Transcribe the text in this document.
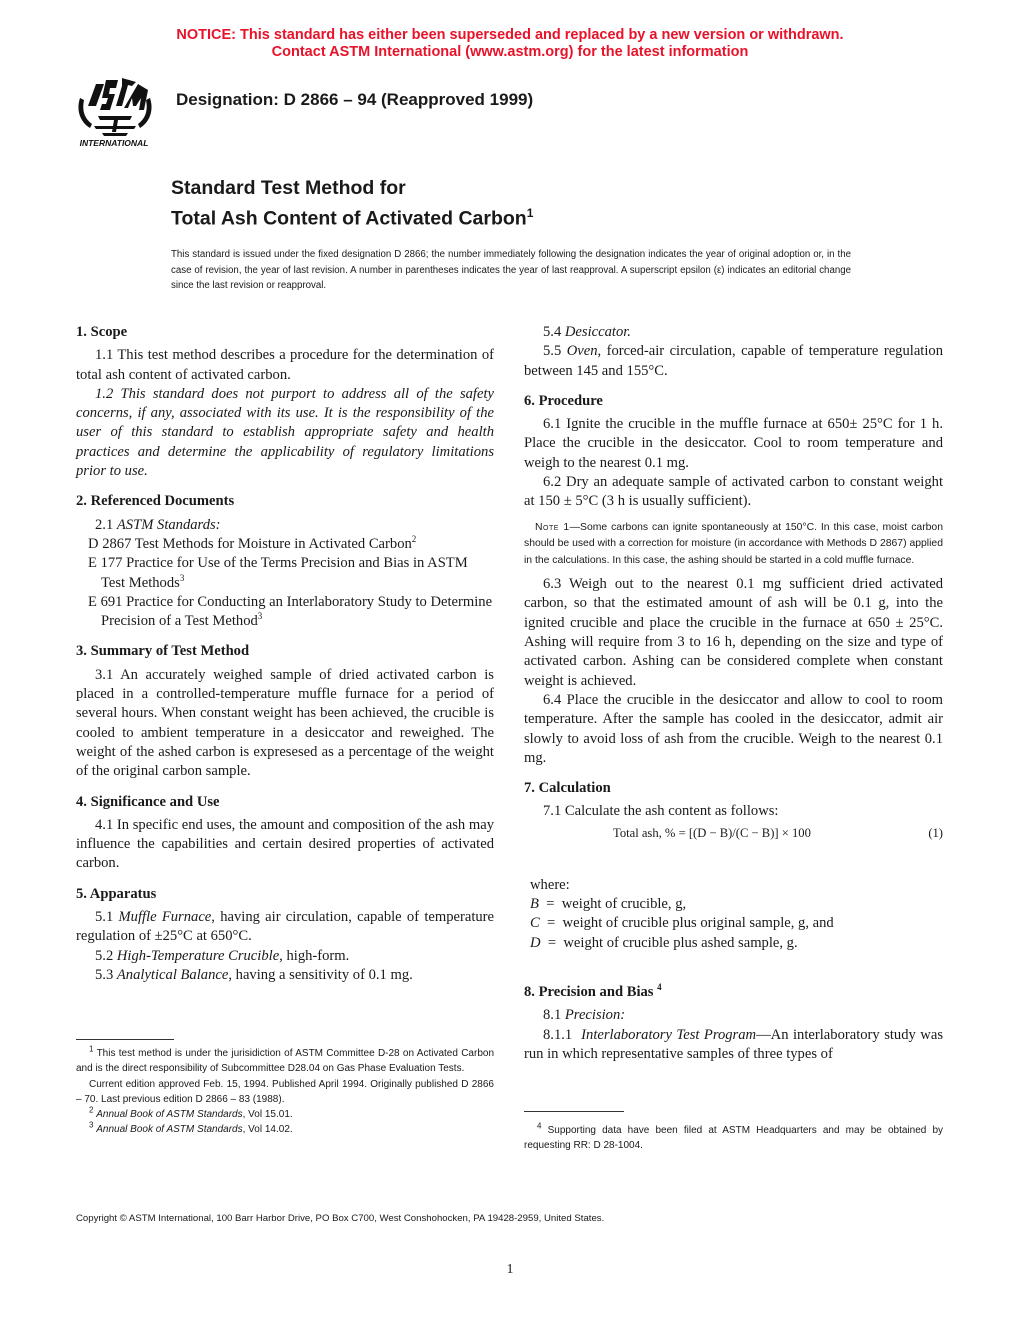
NOTICE: This standard has either been superseded and replaced by a new version or withdrawn.
Contact ASTM International (www.astm.org) for the latest information
INTERNATIONAL
Designation: D 2866 – 94 (Reapproved 1999)
Standard Test Method for
Total Ash Content of Activated Carbon$^1$
This standard is issued under the fixed designation D 2866; the number immediately following the designation indicates the year of original adoption or, in the case of revision, the year of last revision. A number in parentheses indicates the year of last reapproval. A superscript epsilon (ε) indicates an editorial change since the last revision or reapproval.

1. Scope

1.1 This test method describes a procedure for the determination of total ash content of activated carbon.

1.2 This standard does not purport to address all of the safety concerns, if any, associated with its use. It is the responsibility of the user of this standard to establish appropriate safety and health practices and determine the applicability of regulatory limitations prior to use.

2. Referenced Documents

2.1 ASTM Standards:

D 2867 Test Methods for Moisture in Activated Carbon$^2$

E 177 Practice for Use of the Terms Precision and Bias in ASTM Test Methods$^3$

E 691 Practice for Conducting an Interlaboratory Study to Determine Precision of a Test Method$^3$

3. Summary of Test Method

3.1 An accurately weighed sample of dried activated carbon is placed in a controlled-temperature muffle furnace for a period of several hours. When constant weight has been achieved, the crucible is cooled to ambient temperature in a desiccator and reweighed. The weight of the ashed carbon is expresesed as a percentage of the weight of the original carbon sample.

4. Significance and Use

4.1 In specific end uses, the amount and composition of the ash may influence the capabilities and certain desired properties of activated carbon.

5. Apparatus

5.1 Muffle Furnace, having air circulation, capable of temperature regulation of ±25°C at 650°C.

5.2 High-Temperature Crucible, high-form.

5.3 Analytical Balance, having a sensitivity of 0.1 mg.

$^1$ This test method is under the jurisidiction of ASTM Committee D-28 on Activated Carbon and is the direct responsibility of Subcommittee D28.04 on Gas Phase Evaluation Tests.

Current edition approved Feb. 15, 1994. Published April 1994. Originally published D 2866 – 70. Last previous edition D 2866 – 83 (1988).

$^2$ Annual Book of ASTM Standards, Vol 15.01.

$^3$ Annual Book of ASTM Standards, Vol 14.02.

5.4 Desiccator.

5.5 Oven, forced-air circulation, capable of temperature regulation between 145 and 155°C.

6. Procedure

6.1 Ignite the crucible in the muffle furnace at 650± 25°C for 1 h. Place the crucible in the desiccator. Cool to room temperature and weigh to the nearest 0.1 mg.

6.2 Dry an adequate sample of activated carbon to constant weight at 150 ± 5°C (3 h is usually sufficient).

Note 1—Some carbons can ignite spontaneously at 150°C. In this case, moist carbon should be used with a correction for moisture (in accordance with Methods D 2867) applied in the calculations. In this case, the ashing should be started in a cold muffle furnace.

6.3 Weigh out to the nearest 0.1 mg sufficient dried activated carbon, so that the estimated amount of ash will be 0.1 g, into the ignited crucible and place the crucible in the furnace at 650 ± 25°C. Ashing will require from 3 to 16 h, depending on the size and type of activated carbon. Ashing can be considered complete when constant weight is achieved.

6.4 Place the crucible in the desiccator and allow to cool to room temperature. After the sample has cooled in the desiccator, admit air slowly to avoid loss of ash from the crucible. Weigh to the nearest 0.1 mg.

7. Calculation

7.1 Calculate the ash content as follows:

Total ash, % = [(D − B)/(C − B)] × 100	(1)

where:

B  =  weight of crucible, g,
C  =  weight of crucible plus original sample, g, and
D  =  weight of crucible plus ashed sample, g.

8. Precision and Bias $^4$

8.1 Precision:

8.1.1  Interlaboratory Test Program—An interlaboratory study was run in which representative samples of three types of

$^4$ Supporting data have been filed at ASTM Headquarters and may be obtained by requesting RR: D 28-1004.

Copyright © ASTM International, 100 Barr Harbor Drive, PO Box C700, West Conshohocken, PA 19428-2959, United States.
1
